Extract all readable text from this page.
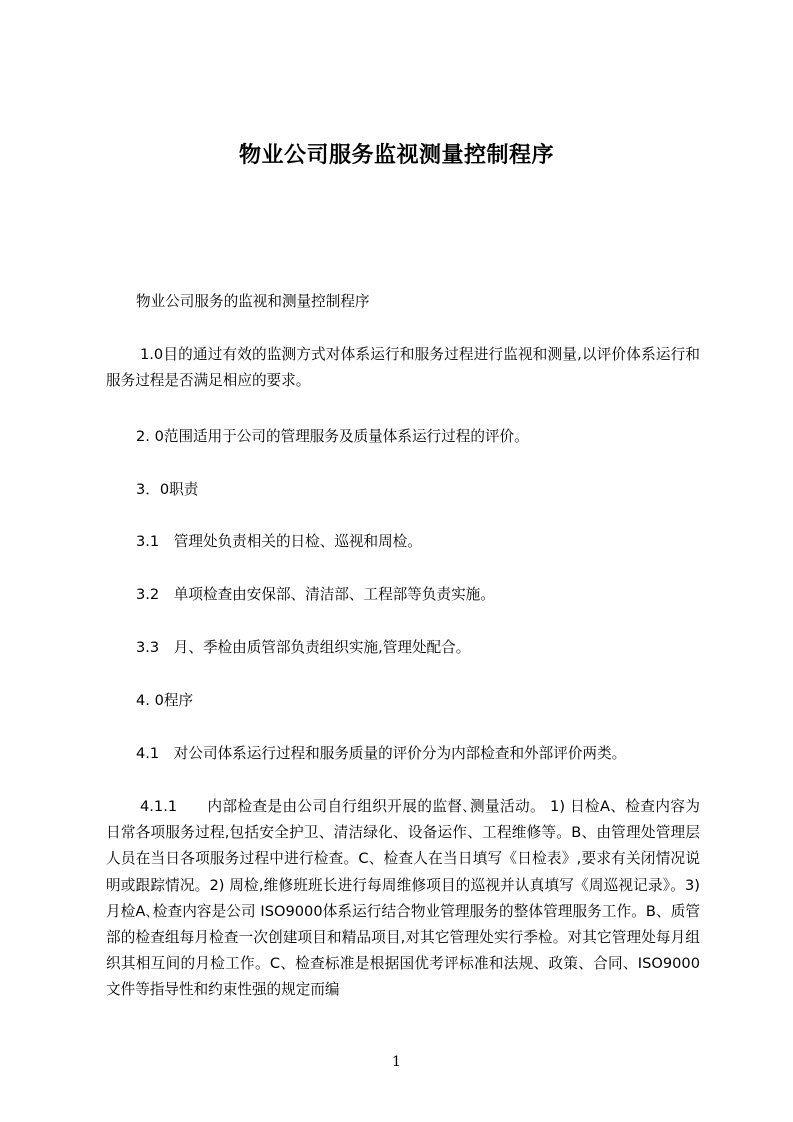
物业公司服务监视测量控制程序

物业公司服务的监视和测量控制程序

1.0目的通过有效的监测方式对体系运行和服务过程进行监视和测量,以评价体系运行和服务过程是否满足相应的要求。

2. 0范围适用于公司的管理服务及质量体系运行过程的评价。

3．0职责

3.1　管理处负责相关的日检、巡视和周检。

3.2　单项检查由安保部、清洁部、工程部等负责实施。

3.3　月、季检由质管部负责组织实施,管理处配合。

4. 0程序

4.1　对公司体系运行过程和服务质量的评价分为内部检查和外部评价两类。

4.1.1　　内部检查是由公司自行组织开展的监督､测量活动。 1) 日检A、检查内容为日常各项服务过程,包括安全护卫、清洁绿化、设备运作、工程维修等。B、由管理处管理层人员在当日各项服务过程中进行检查。C、检查人在当日填写《日检表》,要求有关闭情况说明或跟踪情况。2) 周检,维修班班长进行每周维修项目的巡视并认真填写《周巡视记录》。3) 月检A､检查内容是公司 ISO9000体系运行结合物业管理服务的整体管理服务工作。B、质管部的检查组每月检查一次创建项目和精品项目,对其它管理处实行季检。对其它管理处每月组织其相互间的月检工作。C、检查标准是根据国优考评标准和法规、政策、合同、ISO9000文件等指导性和约束性强的规定而编

1
